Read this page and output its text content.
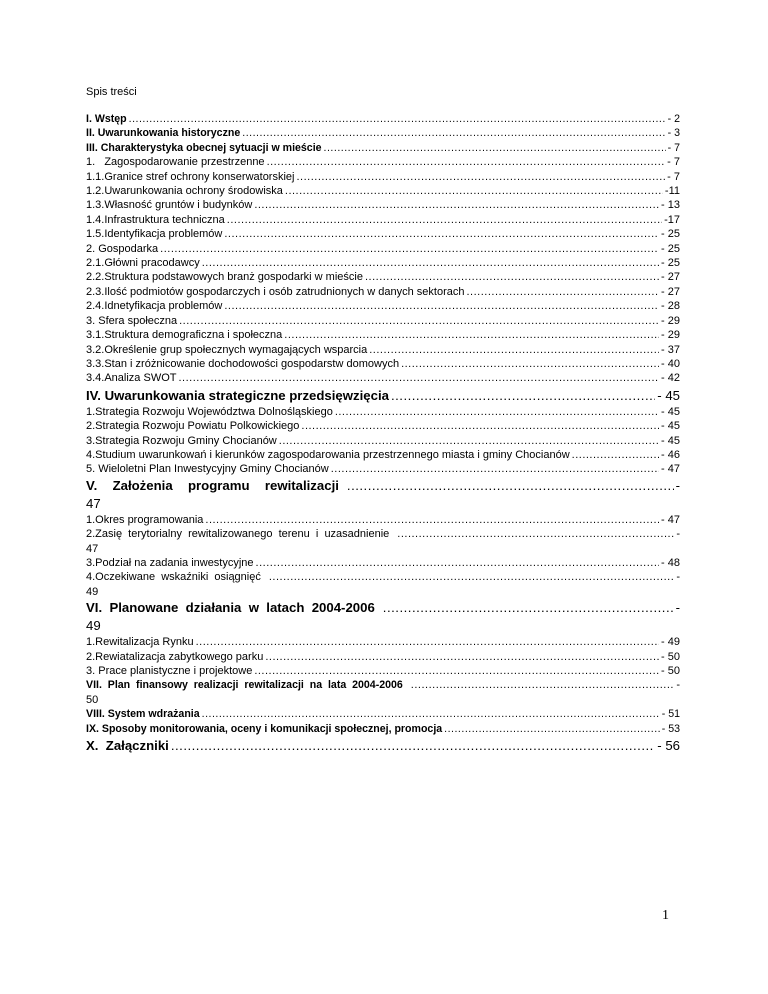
Spis treści
I. Wstęp .....	- 2
II. Uwarunkowania historyczne .....	- 3
III. Charakterystyka obecnej sytuacji w mieście .....	- 7
1.   Zagospodarowanie przestrzenne .....	- 7
1.1.Granice stref ochrony konserwatorskiej .....	- 7
1.2.Uwarunkowania ochrony środowiska .....	-11
1.3.Własność gruntów i budynków .....	- 13
1.4.Infrastruktura techniczna .....	-17
1.5.Identyfikacja problemów .....	- 25
2. Gospodarka .....	- 25
2.1.Główni pracodawcy .....	- 25
2.2.Struktura podstawowych branż gospodarki w mieście .....	- 27
2.3.Ilość podmiotów gospodarczych i osób zatrudnionych w danych sektorach .....	- 27
2.4.Idnetyfikacja problemów .....	- 28
3. Sfera społeczna .....	- 29
3.1.Struktura demograficzna i społeczna .....	- 29
3.2.Określenie grup społecznych wymagających wsparcia .....	- 37
3.3.Stan i zróżnicowanie dochodowości gospodarstw domowych .....	- 40
3.4.Analiza SWOT .....	- 42
IV. Uwarunkowania strategiczne przedsięwzięcia .....	- 45
1.Strategia Rozwoju Województwa Dolnośląskiego .....	- 45
2.Strategia Rozwoju Powiatu Polkowickiego .....	- 45
3.Strategia Rozwoju Gminy Chocianów .....	- 45
4.Studium uwarunkowań i kierunków zagospodarowania przestrzennego miasta i gminy Chocianów .....	- 46
5. Wieloletni Plan Inwestycyjny Gminy Chocianów .....	- 47
V.  Założenia  programu  rewitalizacji .....	-
47
1.Okres programowania .....	- 47
2.Zasię  terytorialny  rewitalizowanego  terenu  i  uzasadnienie .....	-
47
3.Podział na zadania inwestycyjne .....	- 48
4.Oczekiwane  wskaźniki  osiągnięć .....	-
49
VI.  Planowane  działania  w  latach  2004-2006 .....	-
49
1.Rewitalizacja Rynku .....	- 49
2.Rewiatalizacja zabytkowego parku .....	- 50
3. Prace planistyczne i projektowe .....	- 50
VII.  Plan  finansowy  realizacji  rewitalizacji  na  lata  2004-2006 .....	-
50
VIII. System wdrażania .....	- 51
IX. Sposoby monitorowania, oceny i komunikacji społecznej, promocja .....	- 53
X.  Załączniki .....	- 56
1
